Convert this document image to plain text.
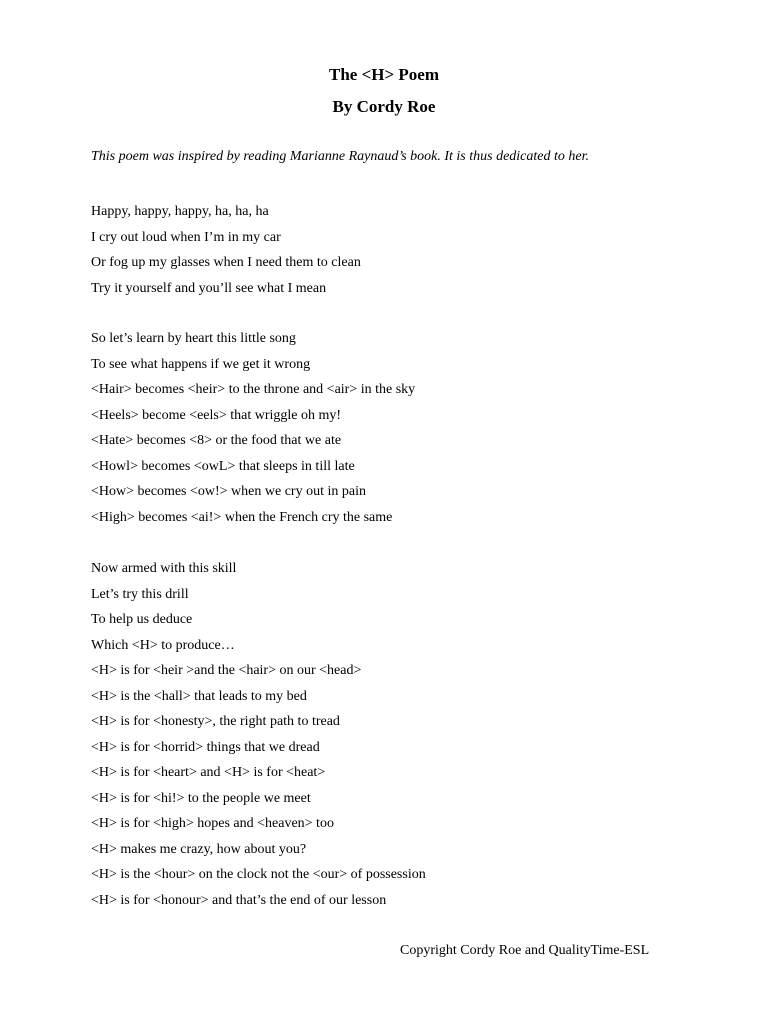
The <H> Poem
By Cordy Roe
This poem was inspired by reading Marianne Raynaud’s book. It is thus dedicated to her.
Happy, happy, happy, ha, ha, ha
I cry out loud when I’m in my car
Or fog up my glasses when I need them to clean
Try it yourself and you’ll see what I mean
So let’s learn by heart this little song
To see what happens if we get it wrong
<Hair> becomes <heir> to the throne and <air> in the sky
<Heels> become <eels> that wriggle oh my!
<Hate> becomes <8> or the food that we ate
<Howl> becomes <owL> that sleeps in till late
<How> becomes <ow!> when we cry out in pain
<High> becomes <ai!> when the French cry the same
Now armed with this skill
Let’s try this drill
To help us deduce
Which <H> to produce…
<H> is for <heir >and the <hair> on our <head>
<H> is the <hall> that leads to my bed
<H> is for <honesty>, the right path to tread
<H> is for <horrid> things that we dread
<H> is for <heart> and <H> is for <heat>
<H> is for <hi!> to the people we meet
<H> is for <high> hopes and <heaven> too
<H> makes me crazy, how about you?
<H> is the <hour> on the clock not the <our> of possession
<H> is for <honour> and that’s the end of our lesson
Copyright Cordy Roe and QualityTime-ESL
